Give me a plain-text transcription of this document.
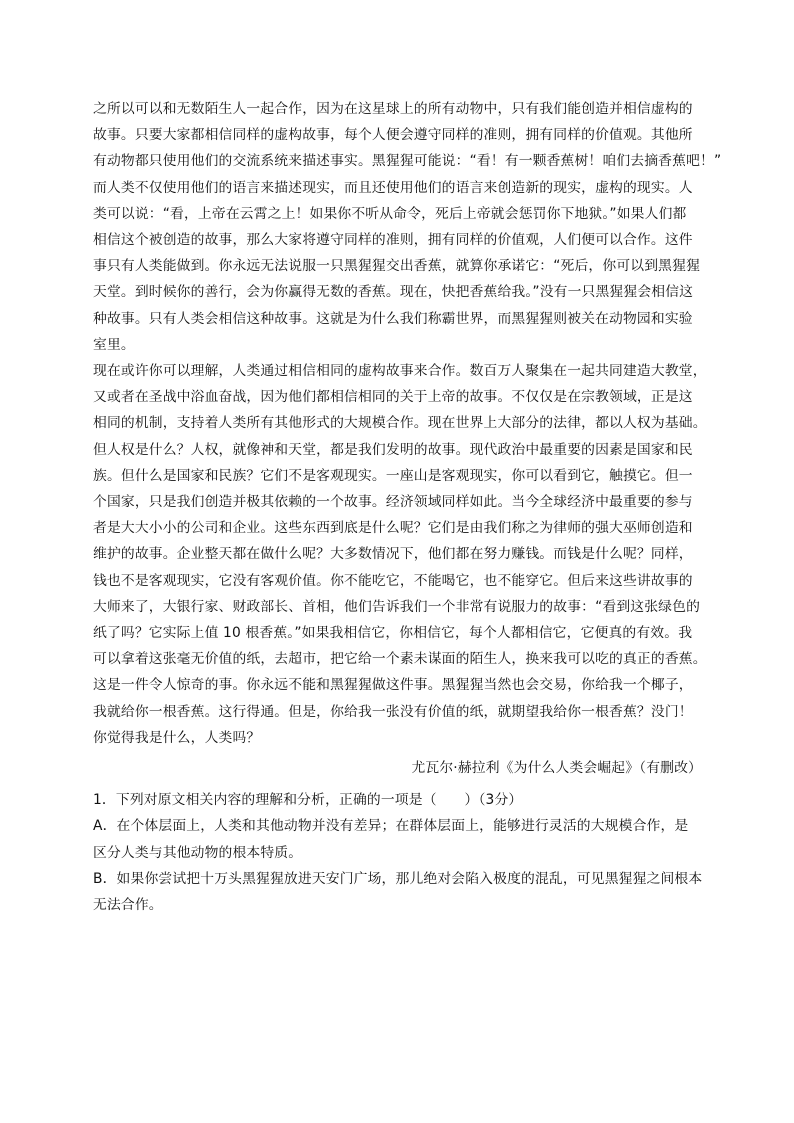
之所以可以和无数陌生人一起合作，因为在这星球上的所有动物中，只有我们能创造并相信虚构的
故事。只要大家都相信同样的虚构故事，每个人便会遵守同样的准则，拥有同样的价值观。其他所
有动物都只使用他们的交流系统来描述事实。黑猩猩可能说：“看！有一颗香蕉树！咱们去摘香蕉吧！”
而人类不仅使用他们的语言来描述现实，而且还使用他们的语言来创造新的现实，虚构的现实。人
类可以说：“看，上帝在云霄之上！如果你不听从命令，死后上帝就会惩罚你下地狱。”如果人们都
相信这个被创造的故事，那么大家将遵守同样的准则，拥有同样的价值观，人们便可以合作。这件
事只有人类能做到。你永远无法说服一只黑猩猩交出香蕉，就算你承诺它：“死后，你可以到黑猩猩
天堂。到时候你的善行，会为你赢得无数的香蕉。现在，快把香蕉给我。”没有一只黑猩猩会相信这
种故事。只有人类会相信这种故事。这就是为什么我们称霸世界，而黑猩猩则被关在动物园和实验
室里。
现在或许你可以理解，人类通过相信相同的虚构故事来合作。数百万人聚集在一起共同建造大教堂，
又或者在圣战中浴血奋战，因为他们都相信相同的关于上帝的故事。不仅仅是在宗教领域，正是这
相同的机制，支持着人类所有其他形式的大规模合作。现在世界上大部分的法律，都以人权为基础。
但人权是什么？人权，就像神和天堂，都是我们发明的故事。现代政治中最重要的因素是国家和民
族。但什么是国家和民族？它们不是客观现实。一座山是客观现实，你可以看到它，触摸它。但一
个国家，只是我们创造并极其依赖的一个故事。经济领域同样如此。当今全球经济中最重要的参与
者是大大小小的公司和企业。这些东西到底是什么呢？它们是由我们称之为律师的强大巫师创造和
维护的故事。企业整天都在做什么呢？大多数情况下，他们都在努力赚钱。而钱是什么呢？同样，
钱也不是客观现实，它没有客观价值。你不能吃它，不能喝它，也不能穿它。但后来这些讲故事的
大师来了，大银行家、财政部长、首相，他们告诉我们一个非常有说服力的故事：“看到这张绿色的
纸了吗？它实际上值 10 根香蕉。”如果我相信它，你相信它，每个人都相信它，它便真的有效。我
可以拿着这张毫无价值的纸，去超市，把它给一个素未谋面的陌生人，换来我可以吃的真正的香蕉。
这是一件令人惊奇的事。你永远不能和黑猩猩做这件事。黑猩猩当然也会交易，你给我一个椰子，
我就给你一根香蕉。这行得通。但是，你给我一张没有价值的纸，就期望我给你一根香蕉？没门！
你觉得我是什么，人类吗？
尤瓦尔·赫拉利《为什么人类会崛起》（有删改）
1．下列对原文相关内容的理解和分析，正确的一项是（　　）（3分）
A．在个体层面上，人类和其他动物并没有差异；在群体层面上，能够进行灵活的大规模合作，是
区分人类与其他动物的根本特质。
B．如果你尝试把十万头黑猩猩放进天安门广场，那儿绝对会陷入极度的混乱，可见黑猩猩之间根本
无法合作。
